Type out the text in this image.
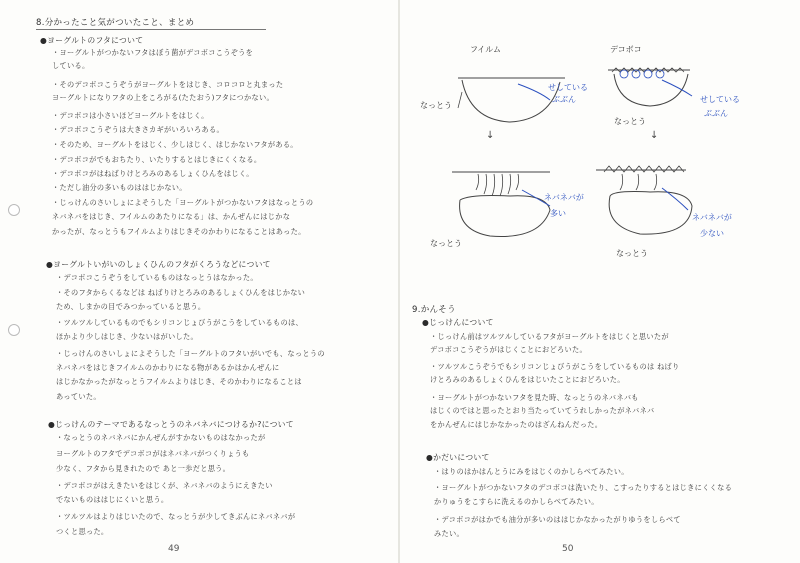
8.分かったこと気がついたこと、まとめ
●ヨーグルトのフタについて
・ヨーグルトがつかないフタはぼう菌がデコボコこうぞうを
している。
・そのデコボコこうぞうがヨーグルトをはじき、コロコロと丸まった
ヨーグルトになりフタの上をころがる(たたおう)フタにつかない。
・デコボコは小さいほどヨーグルトをはじく。
・デコボコこうぞうは大きさカギがいろいろある。
・そのため、ヨーグルトをはじく、少しはじく、はじかないフタがある。
・デコボコがでもおちたり、いたりするとはじきにくくなる。
・デコボコがはねばりけとろみのあるしょくひんをはじく。
・ただし油分の多いものははじかない。
・じっけんのさいしょによそうした「ヨーグルトがつかないフタはなっとうの
ネバネバをはじき、フイルムのあたりになる」は、かんぜんにはじかな
かったが、なっとうもフイルムよりはじきそのかわりになることはあった。
●ヨーグルトいがいのしょくひんのフタがくろうなどについて
・デコボコこうぞうをしているものはなっとうはなかった。
・そのフタからくるなどは ねばりけとろみのあるしょくひんをはじかない
ため、しまかの目でみつかっていると思う。
・ツルツルしているものでもシリコンじょびうがこうをしているものは、
ほかより少しはじき、少ないはがいした。
・じっけんのさいしょによそうした「ヨーグルトのフタいがいでも、なっとうの
ネバネバをはじきフイルムのかわりになる物があるかはかんぜんに
はじかなかったがなっとうフイルムよりはじき、そのかわりになることは
あっていた。
●じっけんのテーマであるなっとうのネバネバにつけるか?について
・なっとうのネバネバにかんぜんがすかないものはなかったが
ヨーグルトのフタでデコボコがはネバネバがつくりょうも
少なく、フタから見きれたので あと一歩だと思う。
・デコボコがはえきたいをはじくが、ネバネバのようにえきたい
でないものははじにくいと思う。
・ツルツルはよりはじいたので、なっとうが少してきぶんにネバネバが
つくと思った。
49
↓	↓
フイルム	デコボコ
せしている
ぶぶん	せしている
ぶぶん
なっとう
なっとう
ネバネバが
多い	ネバネバが
少ない
なっとう
なっとう
9.かんそう
●じっけんについて
・じっけん前はツルツルしているフタがヨーグルトをはじくと思いたが
デコボコこうぞうがはじくことにおどろいた。
・ツルツルこうぞうでもシリコンじょびうがこうをしているものは ねばり
けとろみのあるしょくひんをはじいたことにおどろいた。
・ヨーグルトがつかないフタを見た時、なっとうのネバネバも
はじくのではと思ったとおり当たっていてうれしかったがネバネバ
をかんぜんにはじかなかったのはざんねんだった。
●かだいについて
・はりのはかはんとうにみをはじくのかしらべてみたい。
・ヨーグルトがつかないフタのデコボコは洗いたり、こすったりするとはじきにくくなる
かりゅうをこすらに洗えるのかしらべてみたい。
・デコボコがはかでも油分が多いのははじかなかったがりゆうをしらべて
みたい。
50
